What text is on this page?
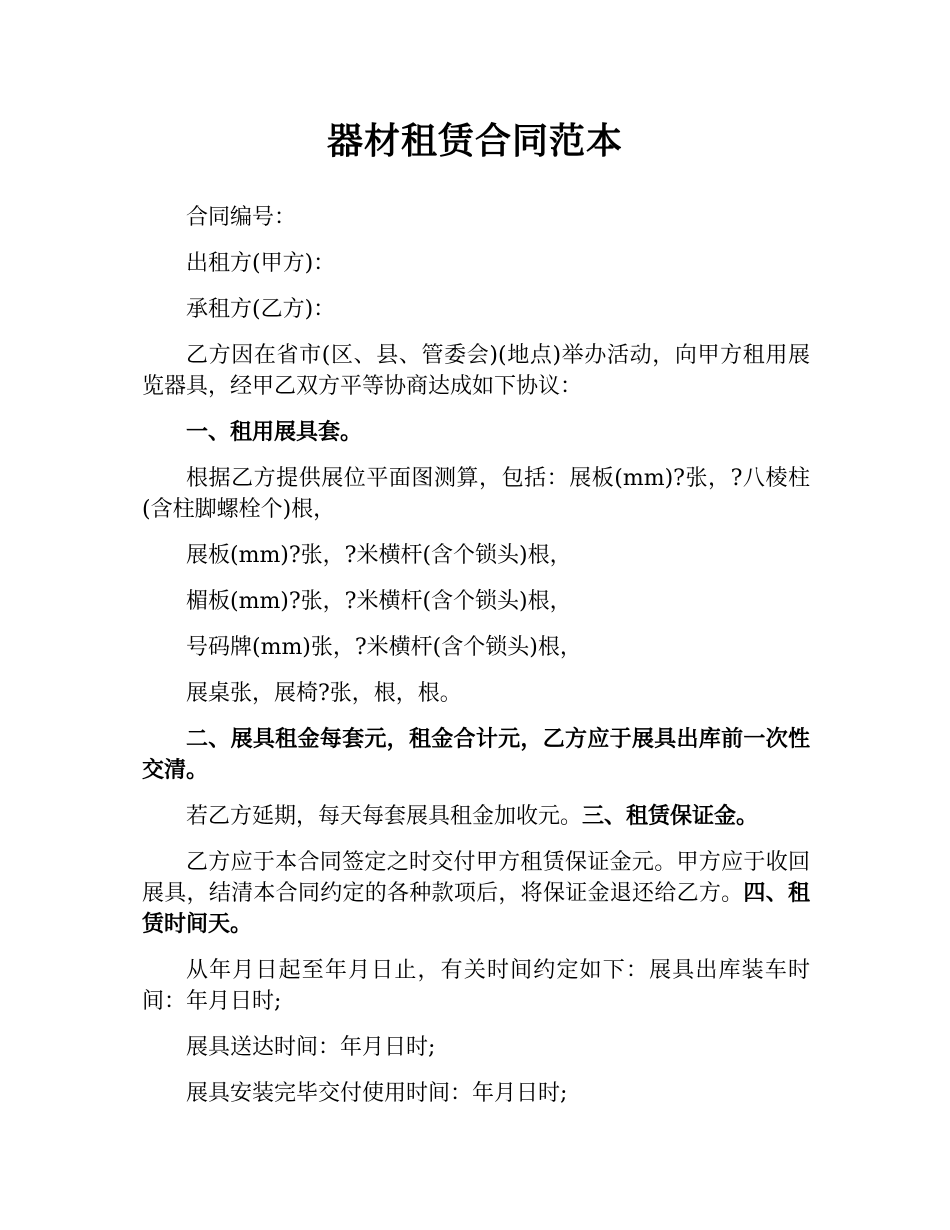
器材租赁合同范本

合同编号：

出租方(甲方)：

承租方(乙方)：

乙方因在省市(区、县、管委会)(地点)举办活动，向甲方租用展览器具，经甲乙双方平等协商达成如下协议：

一、租用展具套。

根据乙方提供展位平面图测算，包括：展板(mm)?张，?八棱柱(含柱脚螺栓个)根，

展板(mm)?张，?米横杆(含个锁头)根，

楣板(mm)?张，?米横杆(含个锁头)根，

号码牌(mm)张，?米横杆(含个锁头)根，

展桌张，展椅?张，根，根。

二、展具租金每套元，租金合计元，乙方应于展具出库前一次性交清。

若乙方延期，每天每套展具租金加收元。三、租赁保证金。

乙方应于本合同签定之时交付甲方租赁保证金元。甲方应于收回展具，结清本合同约定的各种款项后，将保证金退还给乙方。四、租赁时间天。

从年月日起至年月日止，有关时间约定如下：展具出库装车时间：年月日时;

展具送达时间：年月日时;

展具安装完毕交付使用时间：年月日时;
